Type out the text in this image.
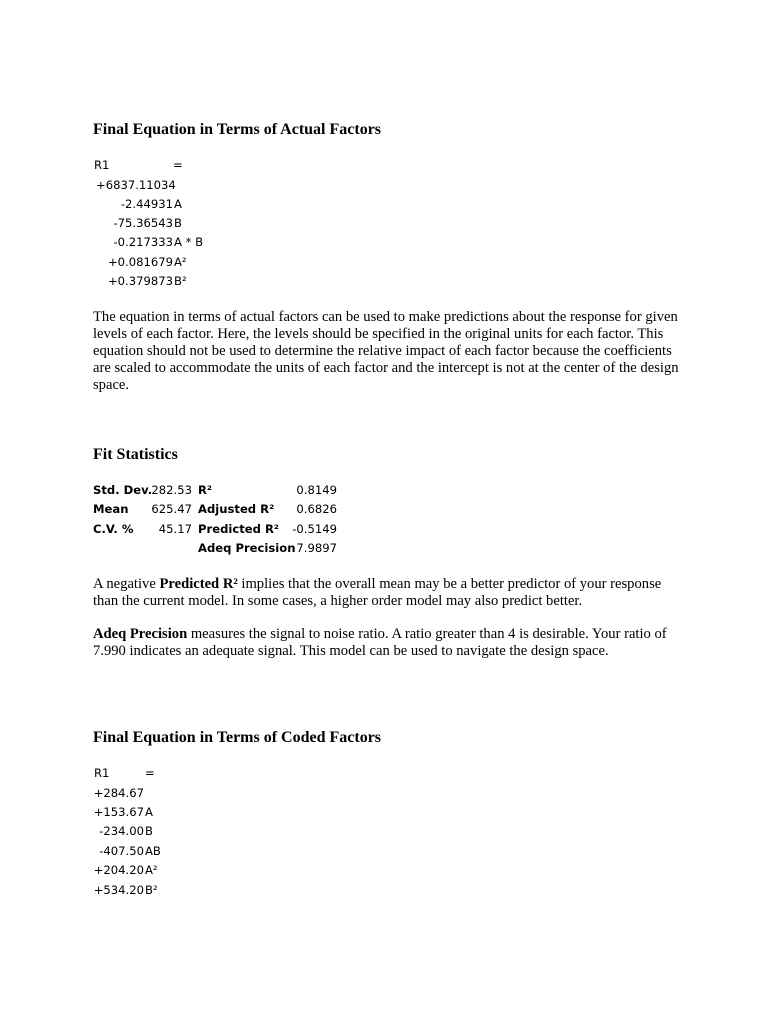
Final Equation in Terms of Actual Factors
R1	=
+6837.11034
-2.44931 A
-75.36543 B
-0.217333 A * B
+0.081679 A²
+0.379873 B²

The equation in terms of actual factors can be used to make predictions about the response for given levels of each factor. Here, the levels should be specified in the original units for each factor. This equation should not be used to determine the relative impact of each factor because the coefficients are scaled to accommodate the units of each factor and the intercept is not at the center of the design space.

Fit Statistics
Std. Dev. 282.53 R²	0.8149
Mean	625.47 Adjusted R²	0.6826
C.V. %	45.17 Predicted R²	-0.5149
Adeq Precision 7.9897

A negative Predicted R² implies that the overall mean may be a better predictor of your response than the current model. In some cases, a higher order model may also predict better.

Adeq Precision measures the signal to noise ratio. A ratio greater than 4 is desirable. Your ratio of 7.990 indicates an adequate signal. This model can be used to navigate the design space.

Final Equation in Terms of Coded Factors
R1	=
+284.67
+153.67 A
-234.00 B
-407.50 AB
+204.20 A²
+534.20 B²
